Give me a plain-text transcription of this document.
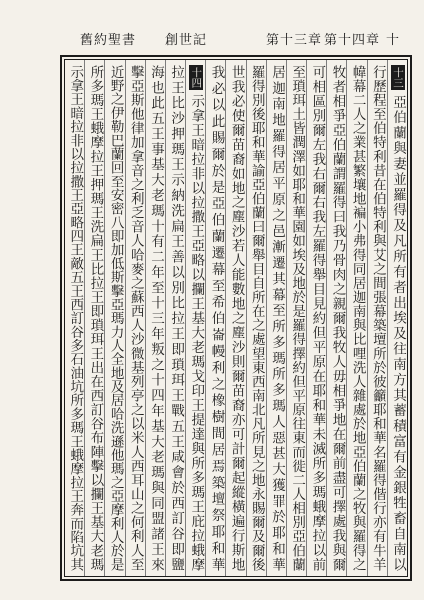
舊約聖書 創世記	第十三章 第十四章 十
十三亞伯蘭與妻並羅得及凡所有者出埃及往南方其蓄積富有金銀牲畜自南以
行歷程至伯特利昔在伯特利與艾之間張幕築壇所於彼籲耶和華名羅得偕行亦有牛羊
幃幕二人之業甚繁壤地褊小弗得同居迦南與比哩洗人雜處於地亞伯蘭之牧與羅得之
牧者相爭亞伯蘭謂羅得曰我乃骨肉之親爾我牧人毋相爭地在爾前盡可擇處我與爾
可相區別爾左我右爾右我左羅得舉目見約但平原在耶和華未滅所多瑪蛾摩拉以前
至瑣珥土皆潤澤如耶和華園如埃及地於是羅得擇約但平原往東而徙二人相別亞伯蘭
居迦南地羅得居平原之邑漸遷其幕至所多瑪所多瑪人惡甚大獲罪於耶和華
羅得別後耶和華諭亞伯蘭曰爾舉目自所在之處望東西南北凡所見之地永賜爾及爾後
世我必使爾苗裔如地之塵沙若人能數地之塵沙則爾苗裔亦可計爾起縱橫遍行斯地
我必以此賜爾於是亞伯蘭遷幕至希伯崙幔利之橡樹間居焉築壇祭耶和華
十四示拿王暗拉非以拉撒王亞略以攔王基大老瑪戈印王提達與所多瑪王庇拉蛾摩
拉王比沙押瑪王示納洗扁王善以別比拉王即瑣珥王戰五王咸會於西訂谷即鹽
海也此五王事基大老瑪十有二年至十三年叛之十四年基大老瑪與同盟諸王來
擊亞斯他律加拿音之利乏音人哈麥之蘇西人沙微基列亭之以米人西耳山之何利人至
近野之伊勒巴蘭回至安密八即加低斯擊亞瑪力人全地及居哈洗遜他瑪之亞摩利人於是
所多瑪王蛾摩拉王押瑪王洗扁王比拉王即瑣珥王出在西訂谷布陣擊以攔王基大老瑪
示拿王暗拉非以拉撒王亞略四王敵五王西訂谷多石油坑所多瑪王蛾摩拉王奔而陷坑其
